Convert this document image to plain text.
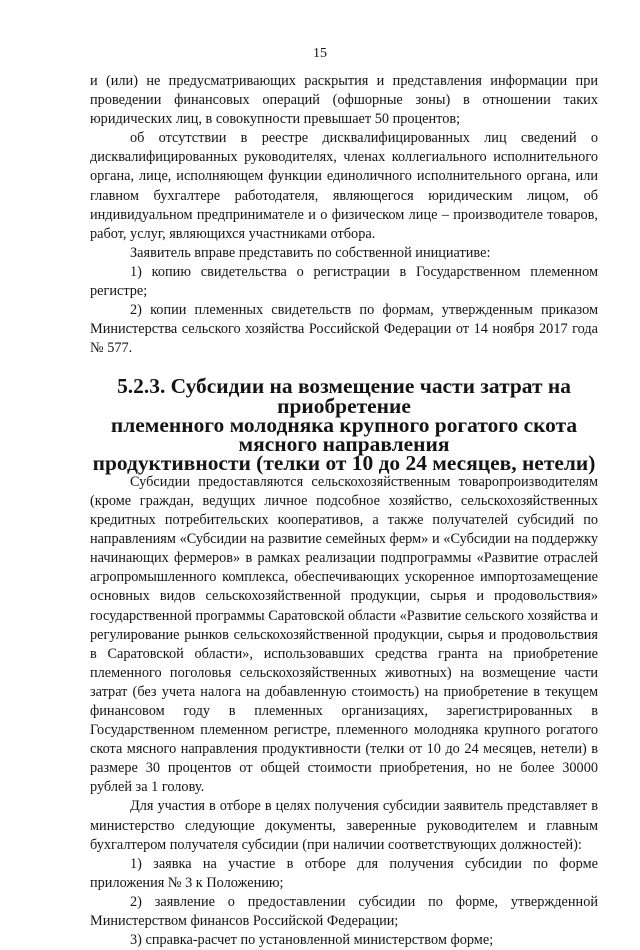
15

и (или) не предусматривающих раскрытия и представления информации при проведении финансовых операций (офшорные зоны) в отношении таких юридических лиц, в совокупности превышает 50 процентов;

об отсутствии в реестре дисквалифицированных лиц сведений о дисквалифицированных руководителях, членах коллегиального исполнительного органа, лице, исполняющем функции единоличного исполнительного органа, или главном бухгалтере работодателя, являющегося юридическим лицом, об индивидуальном предпринимателе и о физическом лице – производителе товаров, работ, услуг, являющихся участниками отбора.

Заявитель вправе представить по собственной инициативе:

1) копию свидетельства о регистрации в Государственном племенном регистре;

2) копии племенных свидетельств по формам, утвержденным приказом Министерства сельского хозяйства Российской Федерации от 14 ноября 2017 года № 577.

5.2.3. Субсидии на возмещение части затрат на приобретение
племенного молодняка крупного рогатого скота мясного направления
продуктивности (телки от 10 до 24 месяцев, нетели)

Субсидии предоставляются сельскохозяйственным товаропроизводителям (кроме граждан, ведущих личное подсобное хозяйство, сельскохозяйственных кредитных потребительских кооперативов, а также получателей субсидий по направлениям «Субсидии на развитие семейных ферм» и «Субсидии на поддержку начинающих фермеров» в рамках реализации подпрограммы «Развитие отраслей агропромышленного комплекса, обеспечивающих ускоренное импортозамещение основных видов сельскохозяйственной продукции, сырья и продовольствия» государственной программы Саратовской области «Развитие сельского хозяйства и регулирование рынков сельскохозяйственной продукции, сырья и продовольствия в Саратовской области», использовавших средства гранта на приобретение племенного поголовья сельскохозяйственных животных) на возмещение части затрат (без учета налога на добавленную стоимость) на приобретение в текущем финансовом году в племенных организациях, зарегистрированных в Государственном племенном регистре, племенного молодняка крупного рогатого скота мясного направления продуктивности (телки от 10 до 24 месяцев, нетели) в размере 30 процентов от общей стоимости приобретения, но не более 30000 рублей за 1 голову.

Для участия в отборе в целях получения субсидии заявитель представляет в министерство следующие документы, заверенные руководителем и главным бухгалтером получателя субсидии (при наличии соответствующих должностей):

1) заявка на участие в отборе для получения субсидии по форме приложения № 3 к Положению;

2) заявление о предоставлении субсидии по форме, утвержденной Министерством финансов Российской Федерации;

3) справка-расчет по установленной министерством форме;
